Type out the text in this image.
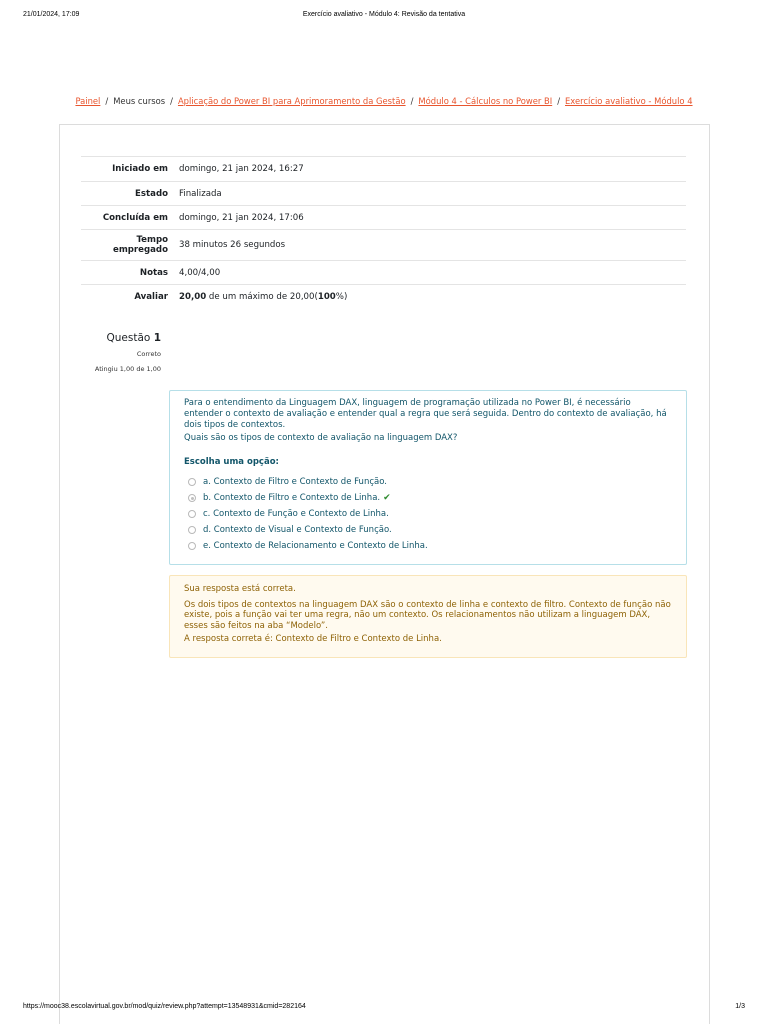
21/01/2024, 17:09	Exercício avaliativo - Módulo 4: Revisão da tentativa
Painel / Meus cursos / Aplicação do Power BI para Aprimoramento da Gestão / Módulo 4 - Cálculos no Power BI / Exercício avaliativo - Módulo 4
Iniciado em	domingo, 21 jan 2024, 16:27
Estado	Finalizada
Concluída em	domingo, 21 jan 2024, 17:06
Tempo
empregado	38 minutos 26 segundos
Notas	4,00/4,00
Avaliar	20,00 de um máximo de 20,00(100%)
Questão 1
Correto
Atingiu 1,00 de 1,00
Para o entendimento da Linguagem DAX, linguagem de programação utilizada no Power BI, é necessário entender o contexto de avaliação e entender qual a regra que será seguida. Dentro do contexto de avaliação, há dois tipos de contextos.
Quais são os tipos de contexto de avaliação na linguagem DAX?
Escolha uma opção:
a. Contexto de Filtro e Contexto de Função.
b. Contexto de Filtro e Contexto de Linha. ✔
c. Contexto de Função e Contexto de Linha.
d. Contexto de Visual e Contexto de Função.
e. Contexto de Relacionamento e Contexto de Linha.
Sua resposta está correta.
Os dois tipos de contextos na linguagem DAX são o contexto de linha e contexto de filtro. Contexto de função não existe, pois a função vai ter uma regra, não um contexto. Os relacionamentos não utilizam a linguagem DAX, esses são feitos na aba “Modelo”.
A resposta correta é: Contexto de Filtro e Contexto de Linha.
https://mooc38.escolavirtual.gov.br/mod/quiz/review.php?attempt=13548931&cmid=282164	1/3
